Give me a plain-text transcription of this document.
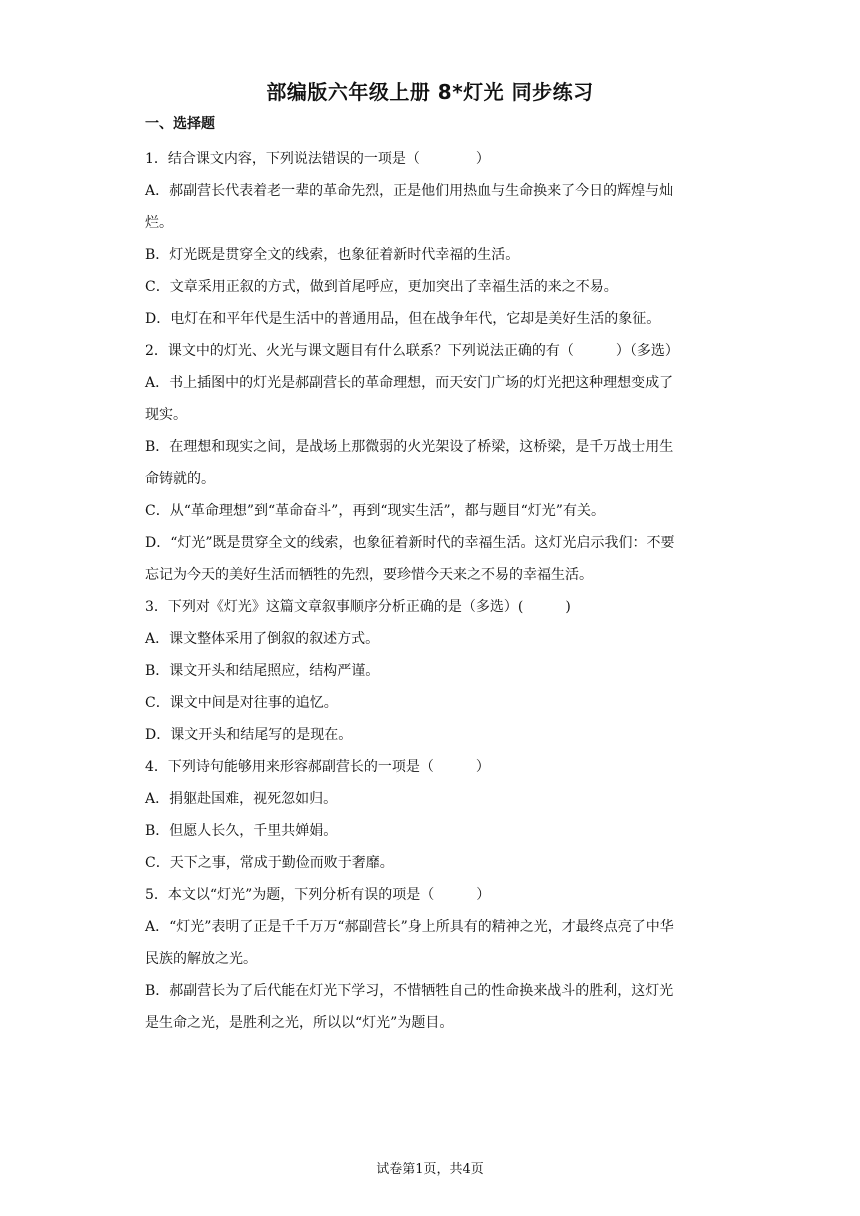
部编版六年级上册 8*灯光 同步练习
一、选择题

1．结合课文内容，下列说法错误的一项是（　　　　）

A．郝副营长代表着老一辈的革命先烈，正是他们用热血与生命换来了今日的辉煌与灿

烂。

B．灯光既是贯穿全文的线索，也象征着新时代幸福的生活。

C．文章采用正叙的方式，做到首尾呼应，更加突出了幸福生活的来之不易。

D．电灯在和平年代是生活中的普通用品，但在战争年代，它却是美好生活的象征。

2．课文中的灯光、火光与课文题目有什么联系？下列说法正确的有（　　　）（多选）

A．书上插图中的灯光是郝副营长的革命理想，而天安门广场的灯光把这种理想变成了

现实。

B．在理想和现实之间，是战场上那微弱的火光架设了桥梁，这桥梁，是千万战士用生

命铸就的。

C．从“革命理想”到“革命奋斗”，再到“现实生活”，都与题目“灯光”有关。

D．“灯光”既是贯穿全文的线索，也象征着新时代的幸福生活。这灯光启示我们：不要

忘记为今天的美好生活而牺牲的先烈，要珍惜今天来之不易的幸福生活。

3．下列对《灯光》这篇文章叙事顺序分析正确的是（多选）(　　　)

A．课文整体采用了倒叙的叙述方式。

B．课文开头和结尾照应，结构严谨。

C．课文中间是对往事的追忆。

D．课文开头和结尾写的是现在。

4．下列诗句能够用来形容郝副营长的一项是（　　　）

A．捐躯赴国难，视死忽如归。

B．但愿人长久，千里共婵娟。

C．天下之事，常成于勤俭而败于奢靡。

5．本文以“灯光”为题，下列分析有误的项是（　　　）

A．“灯光”表明了正是千千万万“郝副营长”身上所具有的精神之光，才最终点亮了中华

民族的解放之光。

B．郝副营长为了后代能在灯光下学习，不惜牺牲自己的性命换来战斗的胜利，这灯光

是生命之光，是胜利之光，所以以“灯光”为题目。

试卷第1页，共4页
